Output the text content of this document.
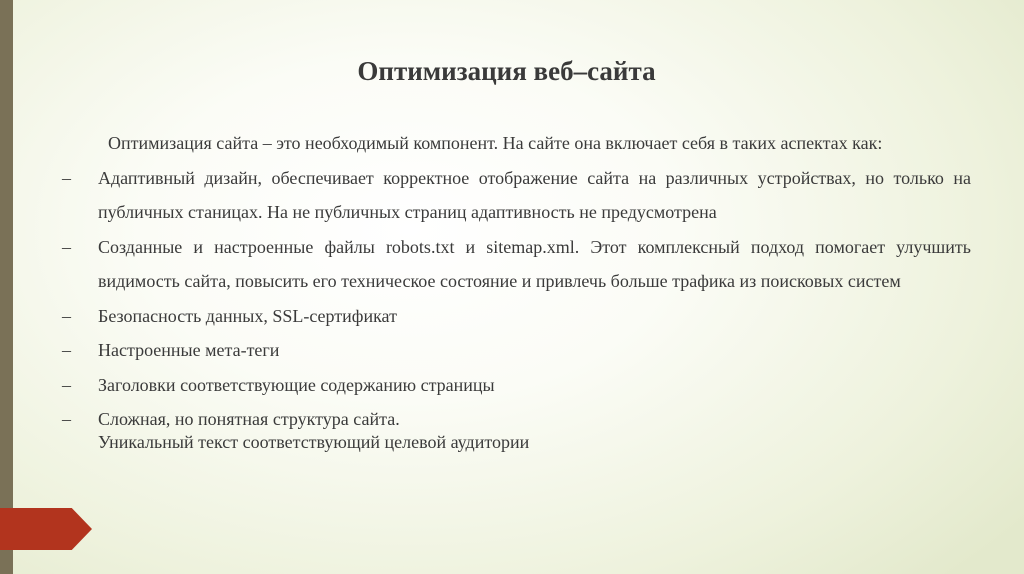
Оптимизация веб–сайта

Оптимизация сайта – это необходимый компонент. На сайте она включает себя в таких аспектах как:

–	Адаптивный дизайн, обеспечивает корректное отображение сайта на различных устройствах, но только на публичных станицах. На не публичных страниц адаптивность не предусмотрена
–	Созданные и настроенные файлы robots.txt и sitemap.xml. Этот комплексный подход помогает улучшить видимость сайта, повысить его техническое состояние и привлечь больше трафика из поисковых систем
–	Безопасность данных, SSL-сертификат
–	Настроенные мета-теги
–	Заголовки соответствующие содержанию страницы
–	Сложная, но понятная структура сайта.
Уникальный текст соответствующий целевой аудитории
